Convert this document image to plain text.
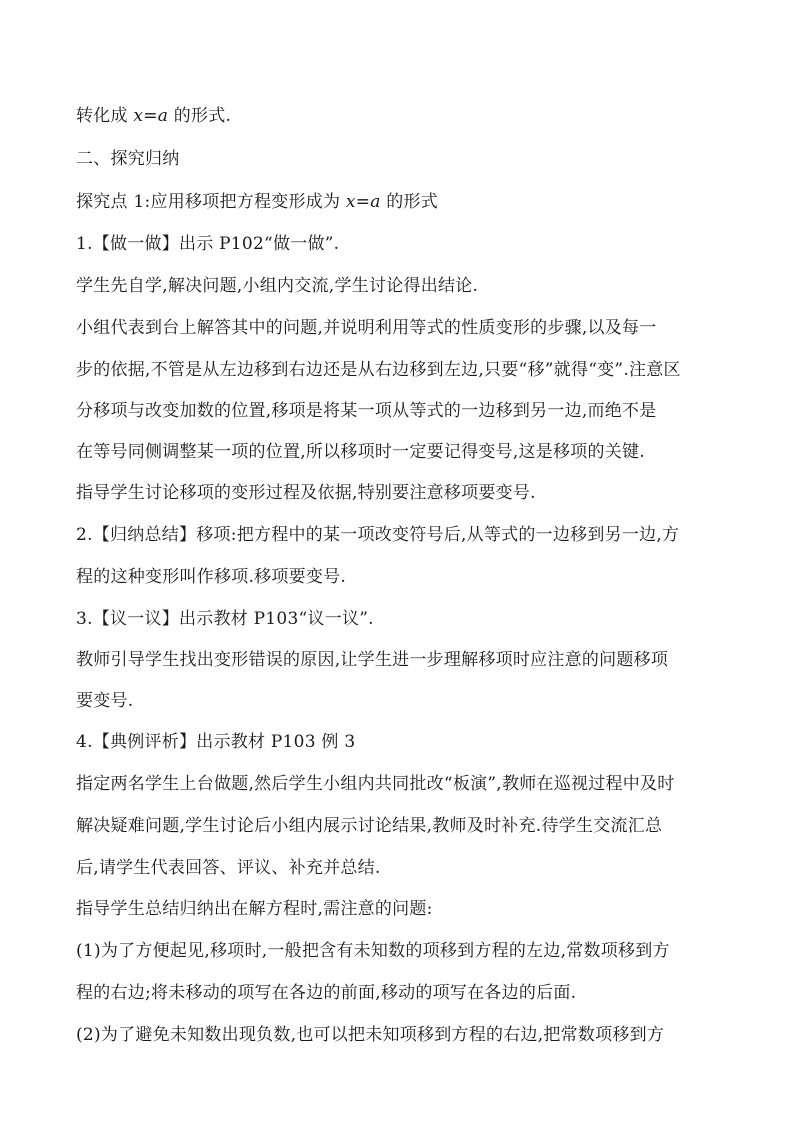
转化成 x=a 的形式.
二、探究归纳
探究点 1:应用移项把方程变形成为 x=a 的形式
1.【做一做】出示 P102“做一做”.
学生先自学,解决问题,小组内交流,学生讨论得出结论.
小组代表到台上解答其中的问题,并说明利用等式的性质变形的步骤,以及每一
步的依据,不管是从左边移到右边还是从右边移到左边,只要“移”就得“变”.注意区
分移项与改变加数的位置,移项是将某一项从等式的一边移到另一边,而绝不是
在等号同侧调整某一项的位置,所以移项时一定要记得变号,这是移项的关键.
指导学生讨论移项的变形过程及依据,特别要注意移项要变号.
2.【归纳总结】移项:把方程中的某一项改变符号后,从等式的一边移到另一边,方
程的这种变形叫作移项.移项要变号.
3.【议一议】出示教材 P103“议一议”.
教师引导学生找出变形错误的原因,让学生进一步理解移项时应注意的问题移项
要变号.
4.【典例评析】出示教材 P103 例 3
指定两名学生上台做题,然后学生小组内共同批改“板演”,教师在巡视过程中及时
解决疑难问题,学生讨论后小组内展示讨论结果,教师及时补充.待学生交流汇总
后,请学生代表回答、评议、补充并总结.
指导学生总结归纳出在解方程时,需注意的问题:
(1)为了方便起见,移项时,一般把含有未知数的项移到方程的左边,常数项移到方
程的右边;将未移动的项写在各边的前面,移动的项写在各边的后面.
(2)为了避免未知数出现负数,也可以把未知项移到方程的右边,把常数项移到方
